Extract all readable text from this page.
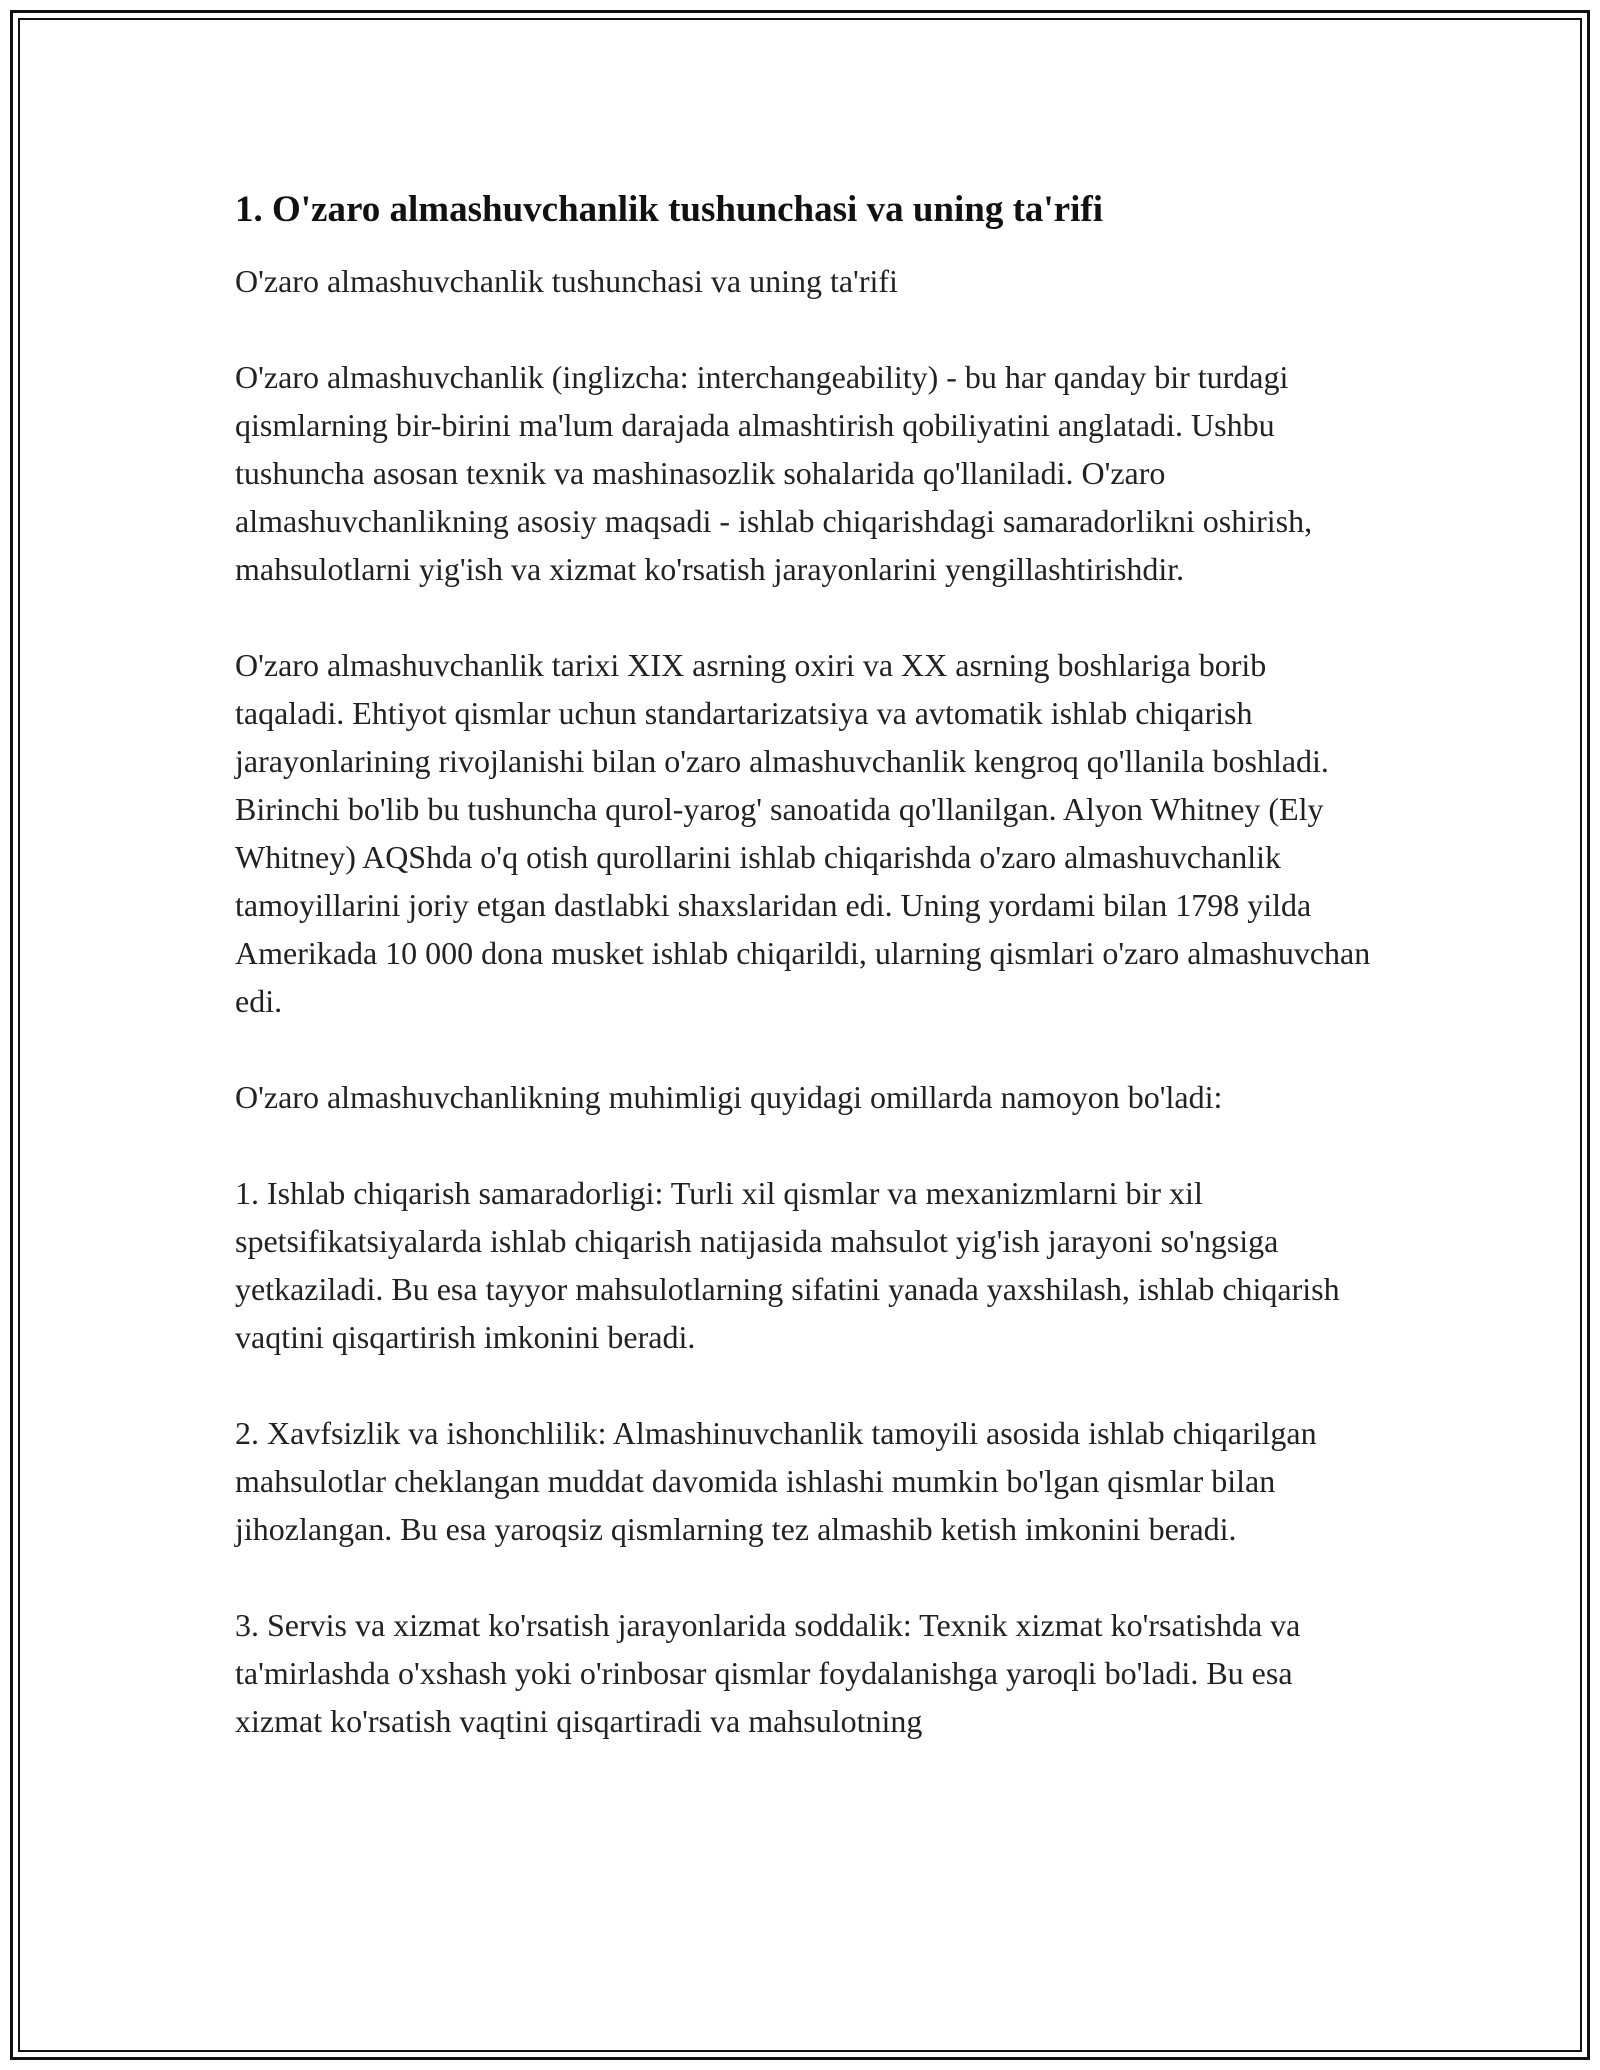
1. O'zaro almashuvchanlik tushunchasi va uning ta'rifi

O'zaro almashuvchanlik tushunchasi va uning ta'rifi

O'zaro almashuvchanlik (inglizcha: interchangeability) - bu har qanday bir turdagi qismlarning bir-birini ma'lum darajada almashtirish qobiliyatini anglatadi. Ushbu tushuncha asosan texnik va mashinasozlik sohalarida qo'llaniladi. O'zaro almashuvchanlikning asosiy maqsadi - ishlab chiqarishdagi samaradorlikni oshirish, mahsulotlarni yig'ish va xizmat ko'rsatish jarayonlarini yengillashtirishdir.

O'zaro almashuvchanlik tarixi XIX asrning oxiri va XX asrning boshlariga borib taqaladi. Ehtiyot qismlar uchun standartarizatsiya va avtomatik ishlab chiqarish jarayonlarining rivojlanishi bilan o'zaro almashuvchanlik kengroq qo'llanila boshladi. Birinchi bo'lib bu tushuncha qurol-yarog' sanoatida qo'llanilgan. Alyon Whitney (Ely Whitney) AQShda o'q otish qurollarini ishlab chiqarishda o'zaro almashuvchanlik tamoyillarini joriy etgan dastlabki shaxslaridan edi. Uning yordami bilan 1798 yilda Amerikada 10 000 dona musket ishlab chiqarildi, ularning qismlari o'zaro almashuvchan edi.

O'zaro almashuvchanlikning muhimligi quyidagi omillarda namoyon bo'ladi:

1. Ishlab chiqarish samaradorligi: Turli xil qismlar va mexanizmlarni bir xil spetsifikatsiyalarda ishlab chiqarish natijasida mahsulot yig'ish jarayoni so'ngsiga yetkaziladi. Bu esa tayyor mahsulotlarning sifatini yanada yaxshilash, ishlab chiqarish vaqtini qisqartirish imkonini beradi.

2. Xavfsizlik va ishonchlilik: Almashinuvchanlik tamoyili asosida ishlab chiqarilgan mahsulotlar cheklangan muddat davomida ishlashi mumkin bo'lgan qismlar bilan jihozlangan. Bu esa yaroqsiz qismlarning tez almashib ketish imkonini beradi.

3. Servis va xizmat ko'rsatish jarayonlarida soddalik: Texnik xizmat ko'rsatishda va ta'mirlashda o'xshash yoki o'rinbosar qismlar foydalanishga yaroqli bo'ladi. Bu esa xizmat ko'rsatish vaqtini qisqartiradi va mahsulotning
